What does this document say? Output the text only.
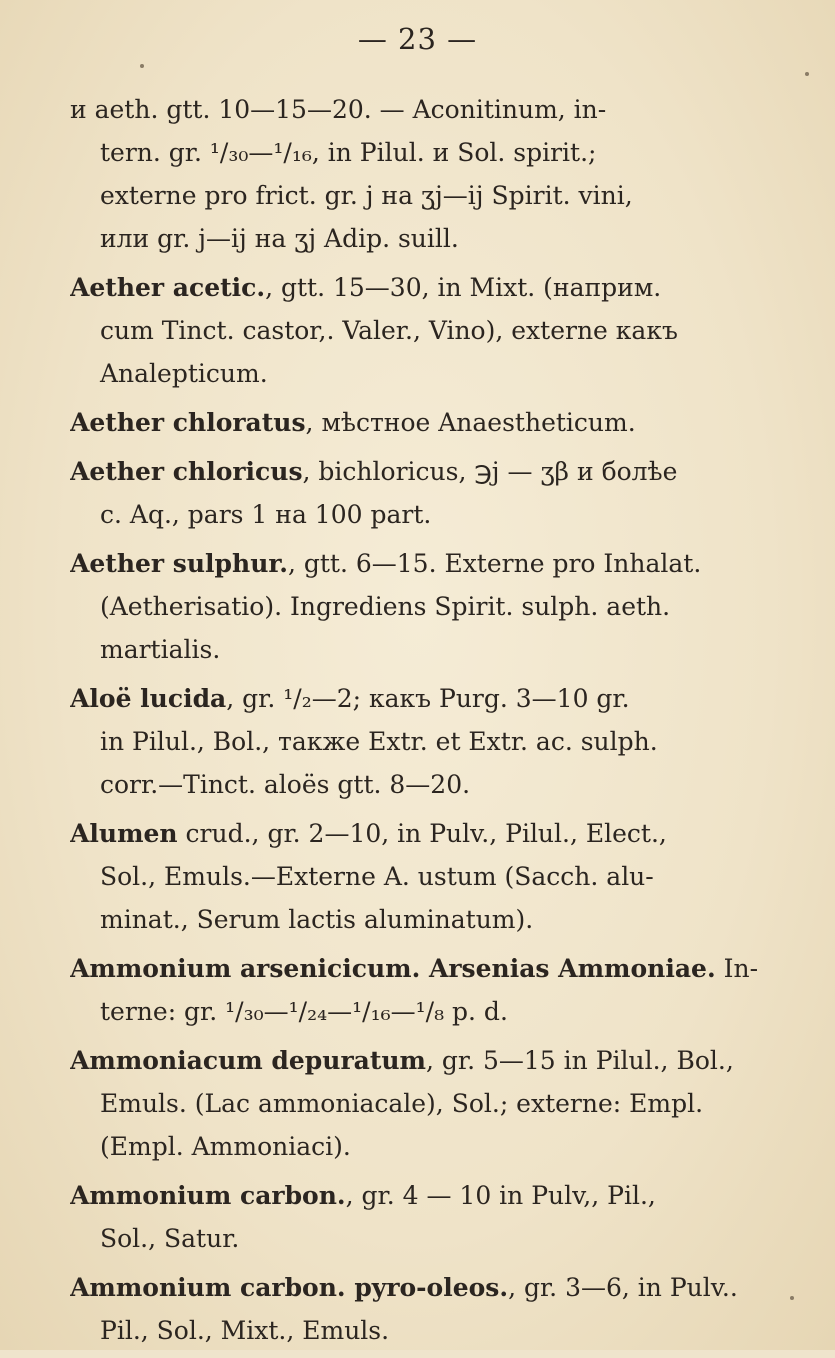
— 23 —
и aeth. gtt. 10—15—20. — Aconitinum, in-
tern. gr. ¹/₃₀—¹/₁₆, in Pilul. и Sol. spirit.;
externe pro frict. gr. j на ʒj—ij Spirit. vini,
или gr. j—ij на ʒj Adip. suill.
Aether acetic., gtt. 15—30, in Mixt. (наприм.
cum Tinct. castor,. Valer., Vino), externe какъ
Analepticum.
Aether chloratus, мѣстное Anaestheticum.
Aether chloricus, bichloricus, ℈j — ʒβ и болѣе
c. Aq., pars 1 на 100 part.
Aether sulphur., gtt. 6—15. Externe pro Inhalat.
(Aetherisatio). Ingrediens Spirit. sulph. aeth.
martialis.
Aloë lucida, gr. ¹/₂—2; какъ Purg. 3—10 gr.
in Pilul., Bol., также Extr. et Extr. ac. sulph.
corr.—Tinct. aloës gtt. 8—20.
Alumen crud., gr. 2—10, in Pulv., Pilul., Elect.,
Sol., Emuls.—Externe A. ustum (Sacch. alu-
minat., Serum lactis aluminatum).
Ammonium arsenicicum. Arsenias Ammoniae. In-
terne: gr. ¹/₃₀—¹/₂₄—¹/₁₆—¹/₈ p. d.
Ammoniacum depuratum, gr. 5—15 in Pilul., Bol.,
Emuls. (Lac ammoniacale), Sol.; externe: Empl.
(Empl. Ammoniaci).
Ammonium carbon., gr. 4 — 10 in Pulv,, Pil.,
Sol., Satur.
Ammonium carbon. pyro-oleos., gr. 3—6, in Pulv..
Pil., Sol., Mixt., Emuls.
